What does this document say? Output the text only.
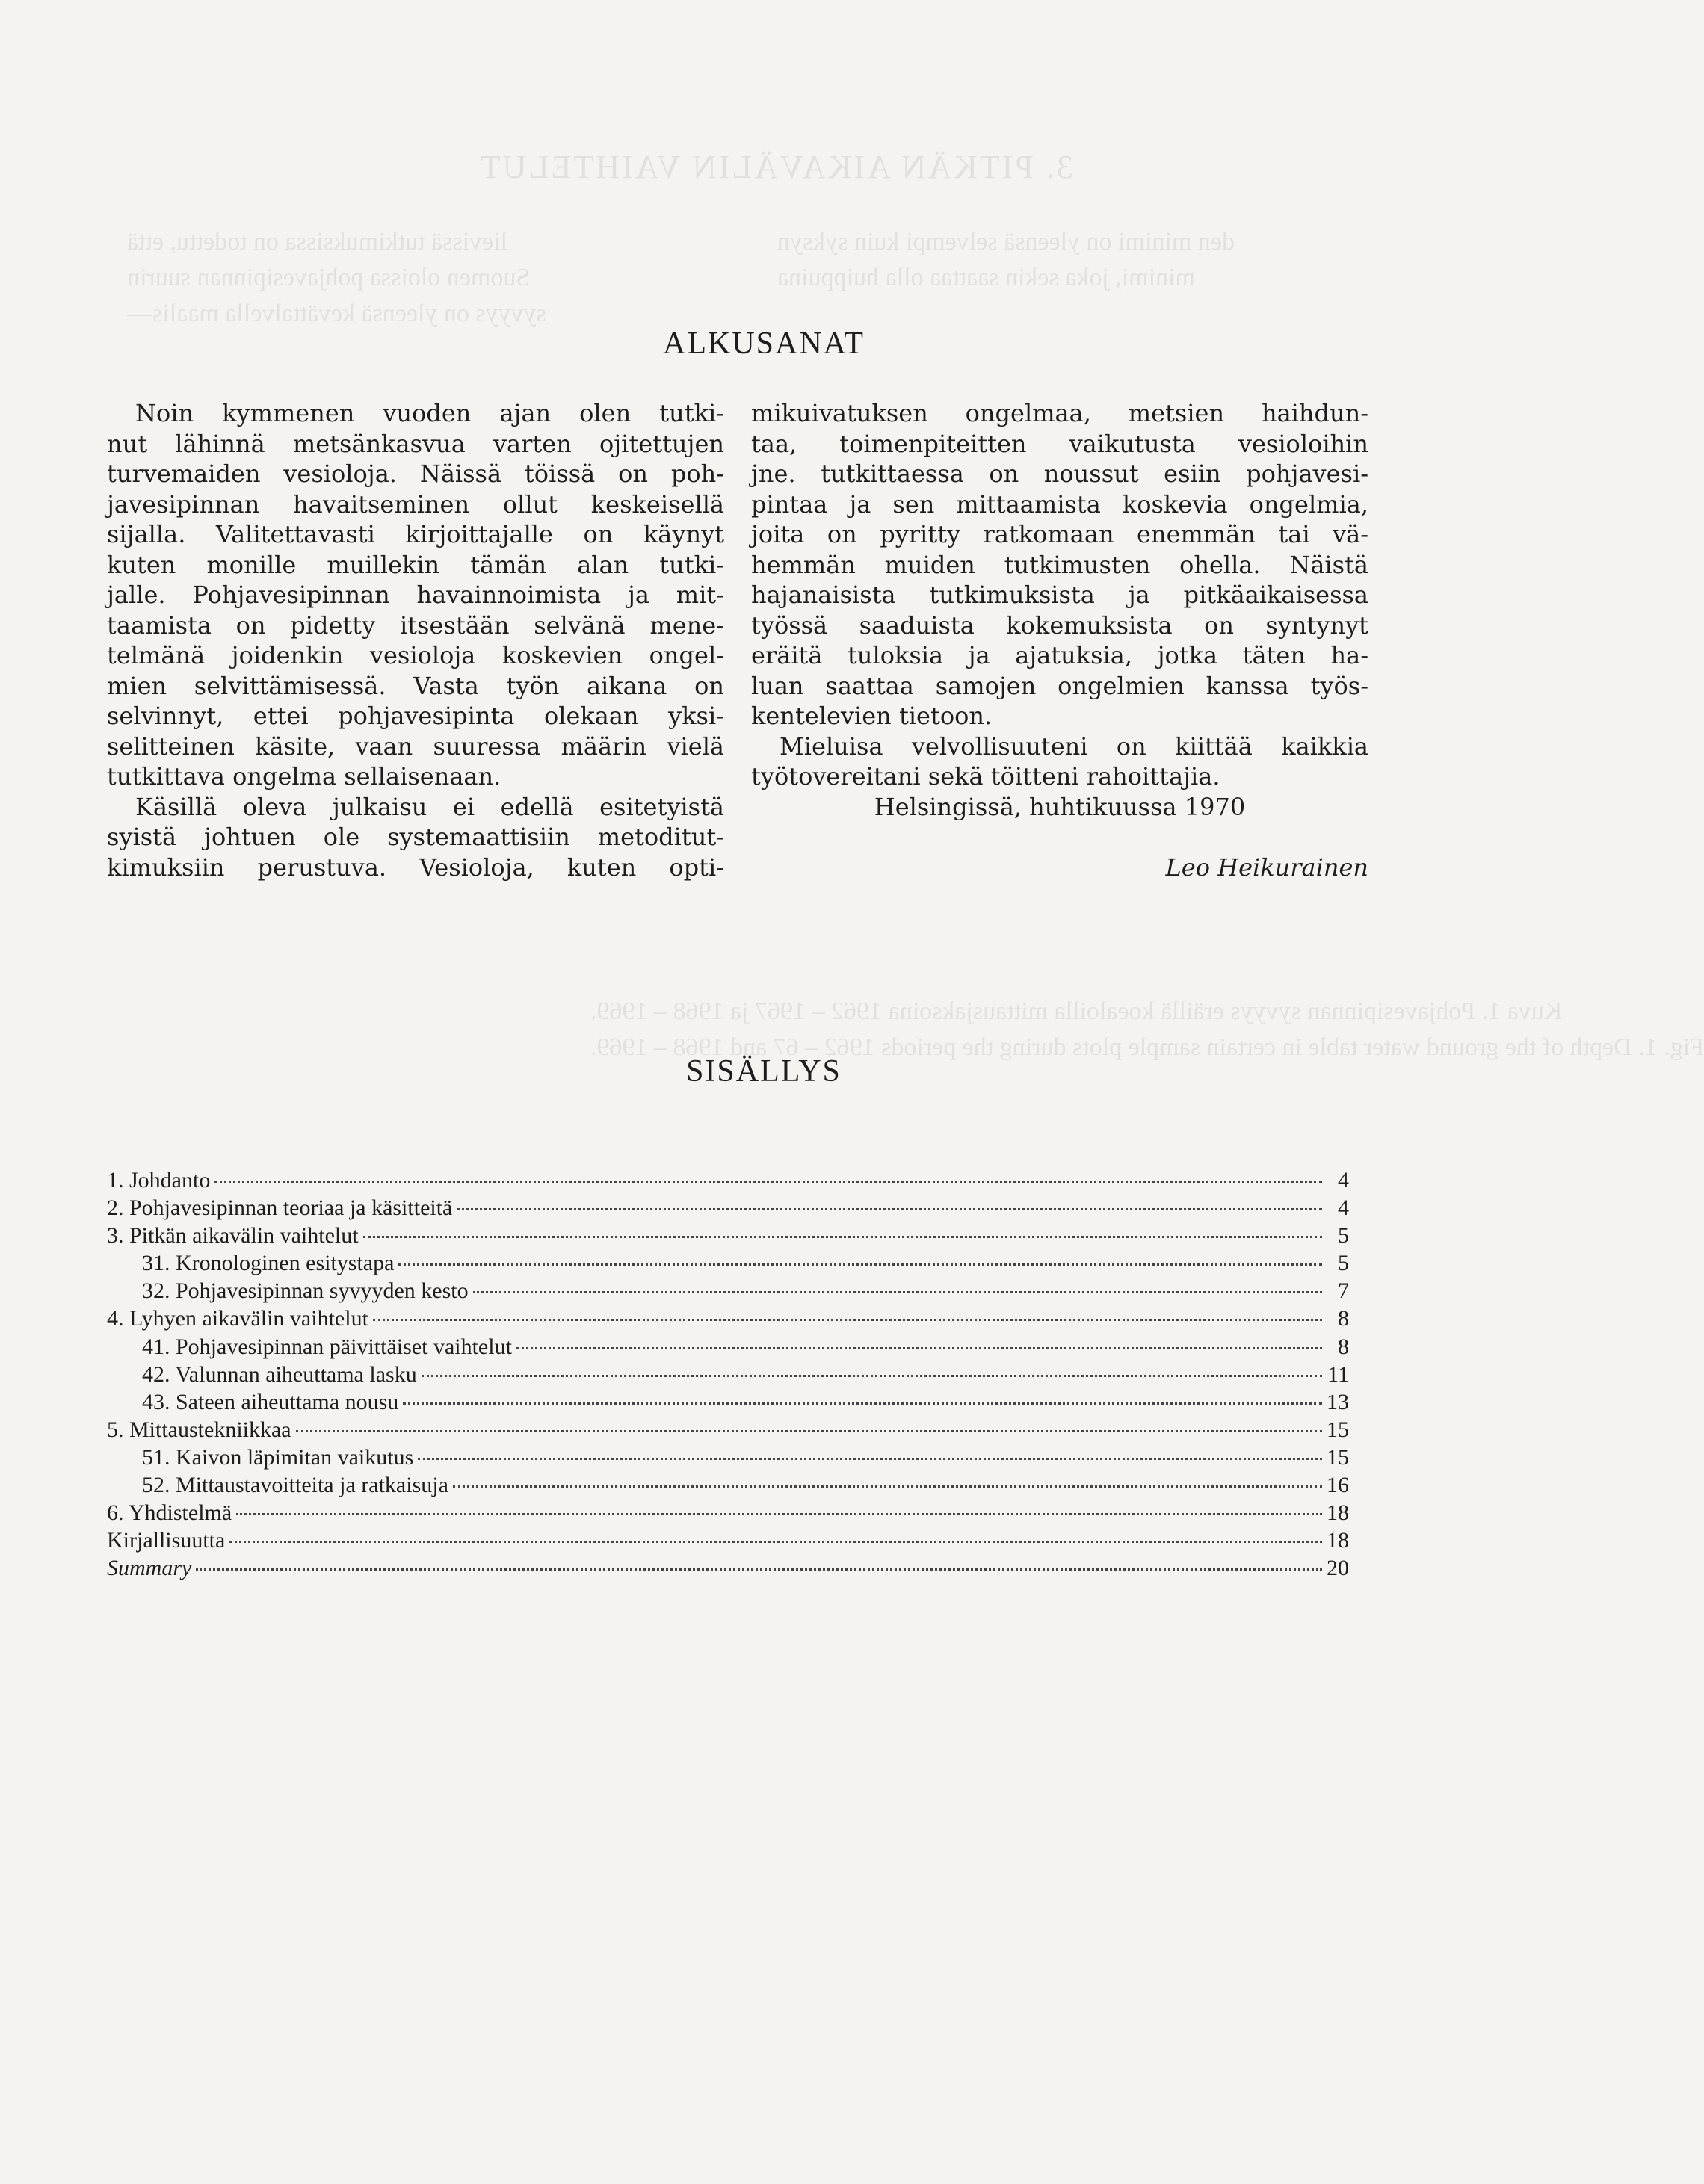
3. PITKÄN AIKAVÄLIN VAIHTELUT
den minimi on yleensä selvempi kuin syksyn
minimi, joka sekin saattaa olla huippuina
lievissä tutkimuksissa on todettu, että
Suomen oloissa pohjavesipinnan suurin
syvyys on yleensä kevättalvella maalis—
Kuva 1. Pohjavesipinnan syvyys eräillä koealoilla mittausjaksoina 1962 – 1967 ja 1968 – 1969.
Fig. 1. Depth of the ground water table in certain sample plots during the periods 1962 – 67 and 1968 – 1969.
ALKUSANAT
Noin kymmenen vuoden ajan olen tutki-
nut lähinnä metsänkasvua varten ojitettujen
turvemaiden vesioloja. Näissä töissä on poh-
javesipinnan havaitseminen ollut keskeisellä
sijalla. Valitettavasti kirjoittajalle on käynyt
kuten monille muillekin tämän alan tutki-
jalle. Pohjavesipinnan havainnoimista ja mit-
taamista on pidetty itsestään selvänä mene-
telmänä joidenkin vesioloja koskevien ongel-
mien selvittämisessä. Vasta työn aikana on
selvinnyt, ettei pohjavesipinta olekaan yksi-
selitteinen käsite, vaan suuressa määrin vielä
tutkittava ongelma sellaisenaan.
Käsillä oleva julkaisu ei edellä esitetyistä
syistä johtuen ole systemaattisiin metoditut-
kimuksiin perustuva. Vesioloja, kuten opti-
mikuivatuksen ongelmaa, metsien haihdun-
taa, toimenpiteitten vaikutusta vesioloihin
jne. tutkittaessa on noussut esiin pohjavesi-
pintaa ja sen mittaamista koskevia ongelmia,
joita on pyritty ratkomaan enemmän tai vä-
hemmän muiden tutkimusten ohella. Näistä
hajanaisista tutkimuksista ja pitkäaikaisessa
työssä saaduista kokemuksista on syntynyt
eräitä tuloksia ja ajatuksia, jotka täten ha-
luan saattaa samojen ongelmien kanssa työs-
kentelevien tietoon.
Mieluisa velvollisuuteni on kiittää kaikkia
työtovereitani sekä töitteni rahoittajia.
Helsingissä, huhtikuussa 1970
Leo Heikurainen
SISÄLLYS
1. Johdanto	4
2. Pohjavesipinnan teoriaa ja käsitteitä	4
3. Pitkän aikavälin vaihtelut	5
31. Kronologinen esitystapa	5
32. Pohjavesipinnan syvyyden kesto	7
4. Lyhyen aikavälin vaihtelut	8
41. Pohjavesipinnan päivittäiset vaihtelut	8
42. Valunnan aiheuttama lasku	11
43. Sateen aiheuttama nousu	13
5. Mittaustekniikkaa	15
51. Kaivon läpimitan vaikutus	15
52. Mittaustavoitteita ja ratkaisuja	16
6. Yhdistelmä	18
Kirjallisuutta	18
Summary	20
